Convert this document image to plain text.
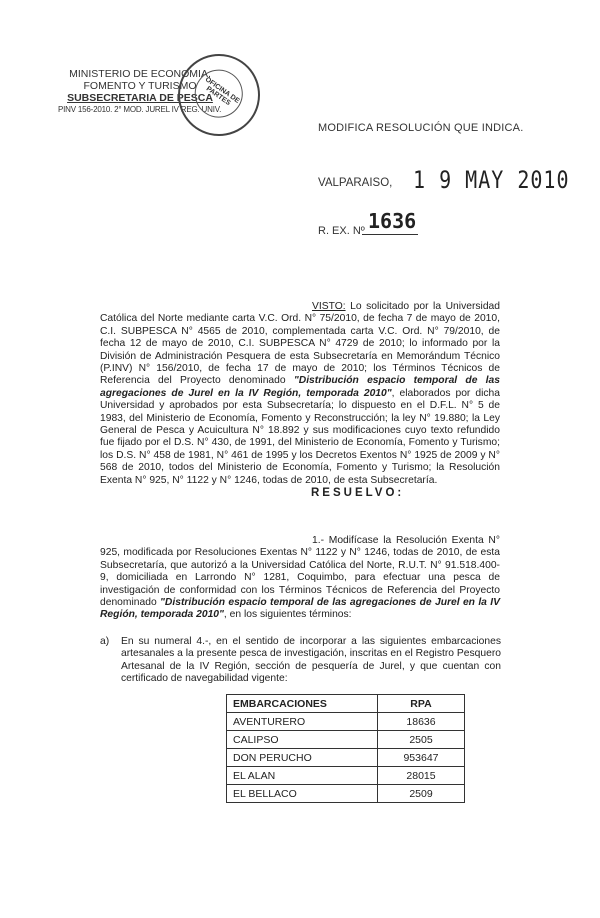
MINISTERIO DE ECONOMIA,
FOMENTO Y TURISMO
SUBSECRETARIA DE PESCA
PINV 156-2010. 2° MOD. JUREL IV REG. UNIV.
OFICINA DE PARTES
MODIFICA RESOLUCIÓN QUE INDICA.
VALPARAISO, 1 9 MAY 2010
R. EX. Nº 1636
VISTO: Lo solicitado por la Universidad Católica del Norte mediante carta V.C. Ord. N° 75/2010, de fecha 7 de mayo de 2010, C.I. SUBPESCA N° 4565 de 2010, complementada carta V.C. Ord. N° 79/2010, de fecha 12 de mayo de 2010, C.I. SUBPESCA N° 4729 de 2010; lo informado por la División de Administración Pesquera de esta Subsecretaría en Memorándum Técnico (P.INV) N° 156/2010, de fecha 17 de mayo de 2010; los Términos Técnicos de Referencia del Proyecto denominado "Distribución espacio temporal de las agregaciones de Jurel en la IV Región, temporada 2010", elaborados por dicha Universidad y aprobados por esta Subsecretaría; lo dispuesto en el D.F.L. N° 5 de 1983, del Ministerio de Economía, Fomento y Reconstrucción; la ley N° 19.880; la Ley General de Pesca y Acuicultura N° 18.892 y sus modificaciones cuyo texto refundido fue fijado por el D.S. N° 430, de 1991, del Ministerio de Economía, Fomento y Turismo; los D.S. N° 458 de 1981, N° 461 de 1995 y los Decretos Exentos N° 1925 de 2009 y N° 568 de 2010, todos del Ministerio de Economía, Fomento y Turismo; la Resolución Exenta N° 925, N° 1122 y N° 1246, todas de 2010, de esta Subsecretaría.
RESUELVO:
1.- Modifícase la Resolución Exenta N° 925, modificada por Resoluciones Exentas N° 1122 y N° 1246, todas de 2010, de esta Subsecretaría, que autorizó a la Universidad Católica del Norte, R.U.T. N° 91.518.400-9, domiciliada en Larrondo N° 1281, Coquimbo, para efectuar una pesca de investigación de conformidad con los Términos Técnicos de Referencia del Proyecto denominado "Distribución espacio temporal de las agregaciones de Jurel en la IV Región, temporada 2010", en los siguientes términos:
a)	En su numeral 4.-, en el sentido de incorporar a las siguientes embarcaciones artesanales a la presente pesca de investigación, inscritas en el Registro Pesquero Artesanal de la IV Región, sección de pesquería de Jurel, y que cuentan con certificado de navegabilidad vigente:
EMBARCACIONES	RPA
AVENTURERO	18636
CALIPSO	2505
DON PERUCHO	953647
EL ALAN	28015
EL BELLACO	2509
